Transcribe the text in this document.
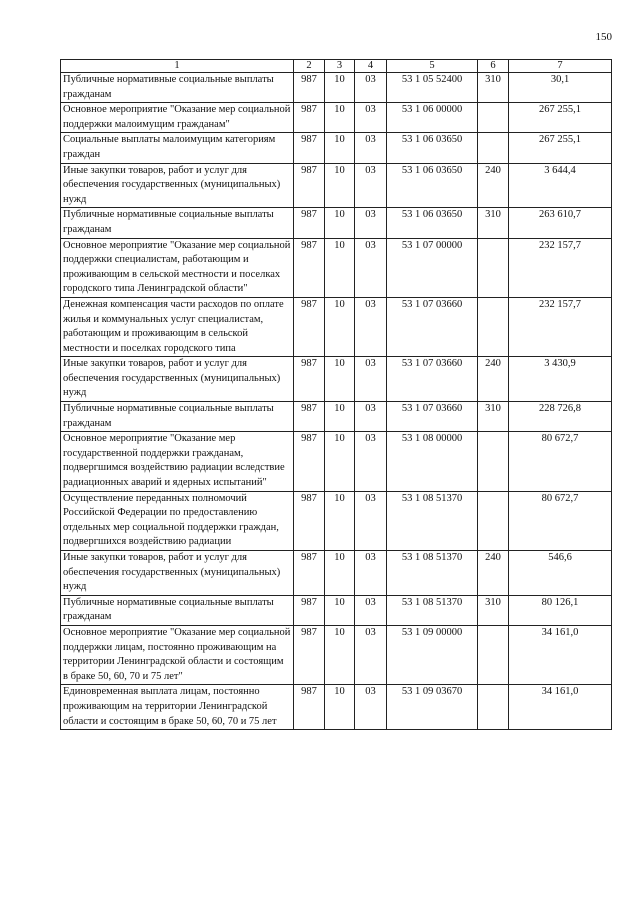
150
1	2	3	4	5	6	7
Публичные нормативные социальные выплаты гражданам	987	10	03	53 1 05 52400	310	30,1
Основное мероприятие "Оказание мер социальной поддержки малоимущим гражданам"	987	10	03	53 1 06 00000		267 255,1
Социальные выплаты малоимущим категориям граждан	987	10	03	53 1 06 03650		267 255,1
Иные закупки товаров, работ и услуг для обеспечения государственных (муниципальных) нужд	987	10	03	53 1 06 03650	240	3 644,4
Публичные нормативные социальные выплаты гражданам	987	10	03	53 1 06 03650	310	263 610,7
Основное мероприятие "Оказание мер социальной поддержки специалистам, работающим и проживающим в сельской местности и поселках городского типа Ленинградской области"	987	10	03	53 1 07 00000		232 157,7
Денежная компенсация части расходов по оплате жилья и коммунальных услуг специалистам, работающим и проживающим в сельской местности и поселках городского типа	987	10	03	53 1 07 03660		232 157,7
Иные закупки товаров, работ и услуг для обеспечения государственных (муниципальных) нужд	987	10	03	53 1 07 03660	240	3 430,9
Публичные нормативные социальные выплаты гражданам	987	10	03	53 1 07 03660	310	228 726,8
Основное мероприятие "Оказание мер государственной поддержки гражданам, подвергшимся воздействию радиации вследствие радиационных аварий и ядерных испытаний"	987	10	03	53 1 08 00000		80 672,7
Осуществление переданных полномочий Российской Федерации по предоставлению отдельных мер социальной поддержки граждан, подвергшихся воздействию радиации	987	10	03	53 1 08 51370		80 672,7
Иные закупки товаров, работ и услуг для обеспечения государственных (муниципальных) нужд	987	10	03	53 1 08 51370	240	546,6
Публичные нормативные социальные выплаты гражданам	987	10	03	53 1 08 51370	310	80 126,1
Основное мероприятие "Оказание мер социальной поддержки лицам, постоянно проживающим на территории Ленинградской области и состоящим в браке 50, 60, 70 и 75 лет"	987	10	03	53 1 09 00000		34 161,0
Единовременная выплата лицам, постоянно проживающим на территории Ленинградской области и состоящим в браке 50, 60, 70 и 75 лет	987	10	03	53 1 09 03670		34 161,0
